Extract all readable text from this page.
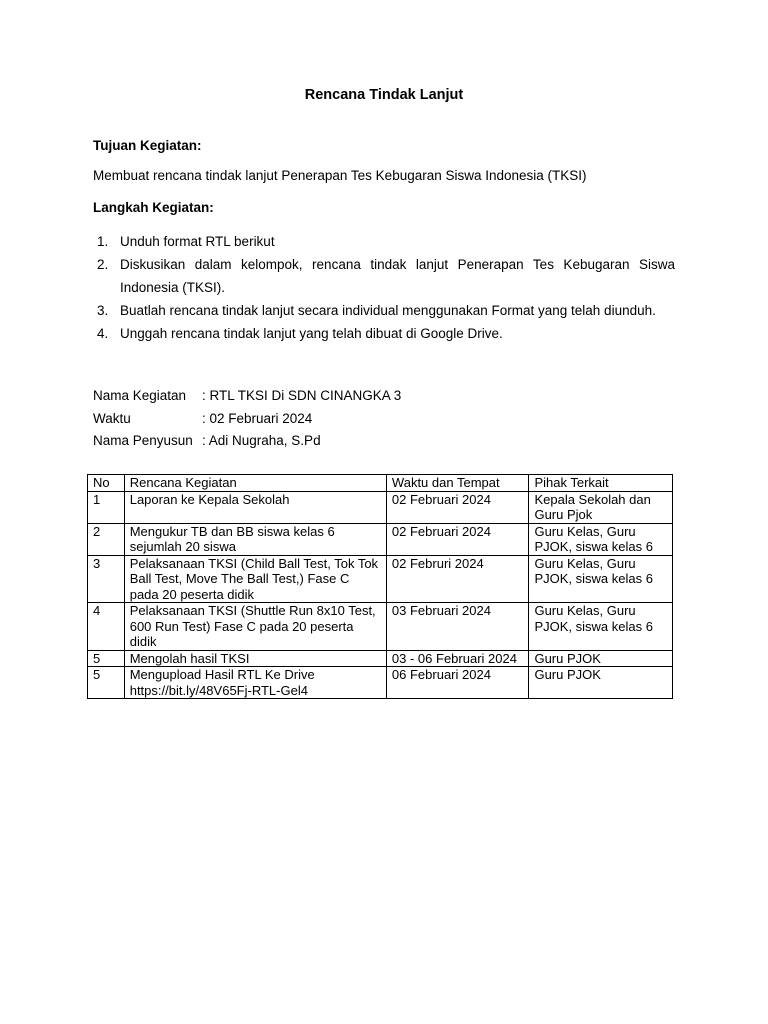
Rencana Tindak Lanjut
Tujuan Kegiatan:
Membuat rencana tindak lanjut Penerapan Tes Kebugaran Siswa Indonesia (TKSI)
Langkah Kegiatan:
1. Unduh format RTL berikut
2. Diskusikan dalam kelompok, rencana tindak lanjut Penerapan Tes Kebugaran Siswa Indonesia (TKSI).
3. Buatlah rencana tindak lanjut secara individual menggunakan Format yang telah diunduh.
4. Unggah rencana tindak lanjut yang telah dibuat di Google Drive.
Nama Kegiatan : RTL TKSI Di SDN CINANGKA 3
Waktu	: 02 Februari 2024
Nama Penyusun : Adi Nugraha, S.Pd
No	Rencana Kegiatan	Waktu dan Tempat	Pihak Terkait
1	Laporan ke Kepala Sekolah	02 Februari 2024	Kepala Sekolah dan Guru Pjok
2	Mengukur TB dan BB siswa kelas 6 sejumlah 20 siswa	02 Februari 2024	Guru Kelas, Guru PJOK, siswa kelas 6
3	Pelaksanaan TKSI (Child Ball Test, Tok Tok Ball Test, Move The Ball Test,) Fase C pada 20 peserta didik	02 Februri 2024	Guru Kelas, Guru PJOK, siswa kelas 6
4	Pelaksanaan TKSI (Shuttle Run 8x10 Test, 600 Run Test) Fase C pada 20 peserta didik	03 Februari 2024	Guru Kelas, Guru PJOK, siswa kelas 6
5	Mengolah hasil TKSI	03 - 06 Februari 2024	Guru PJOK
5	Mengupload Hasil RTL Ke Drive https://bit.ly/48V65Fj-RTL-Gel4	06 Februari 2024	Guru PJOK
